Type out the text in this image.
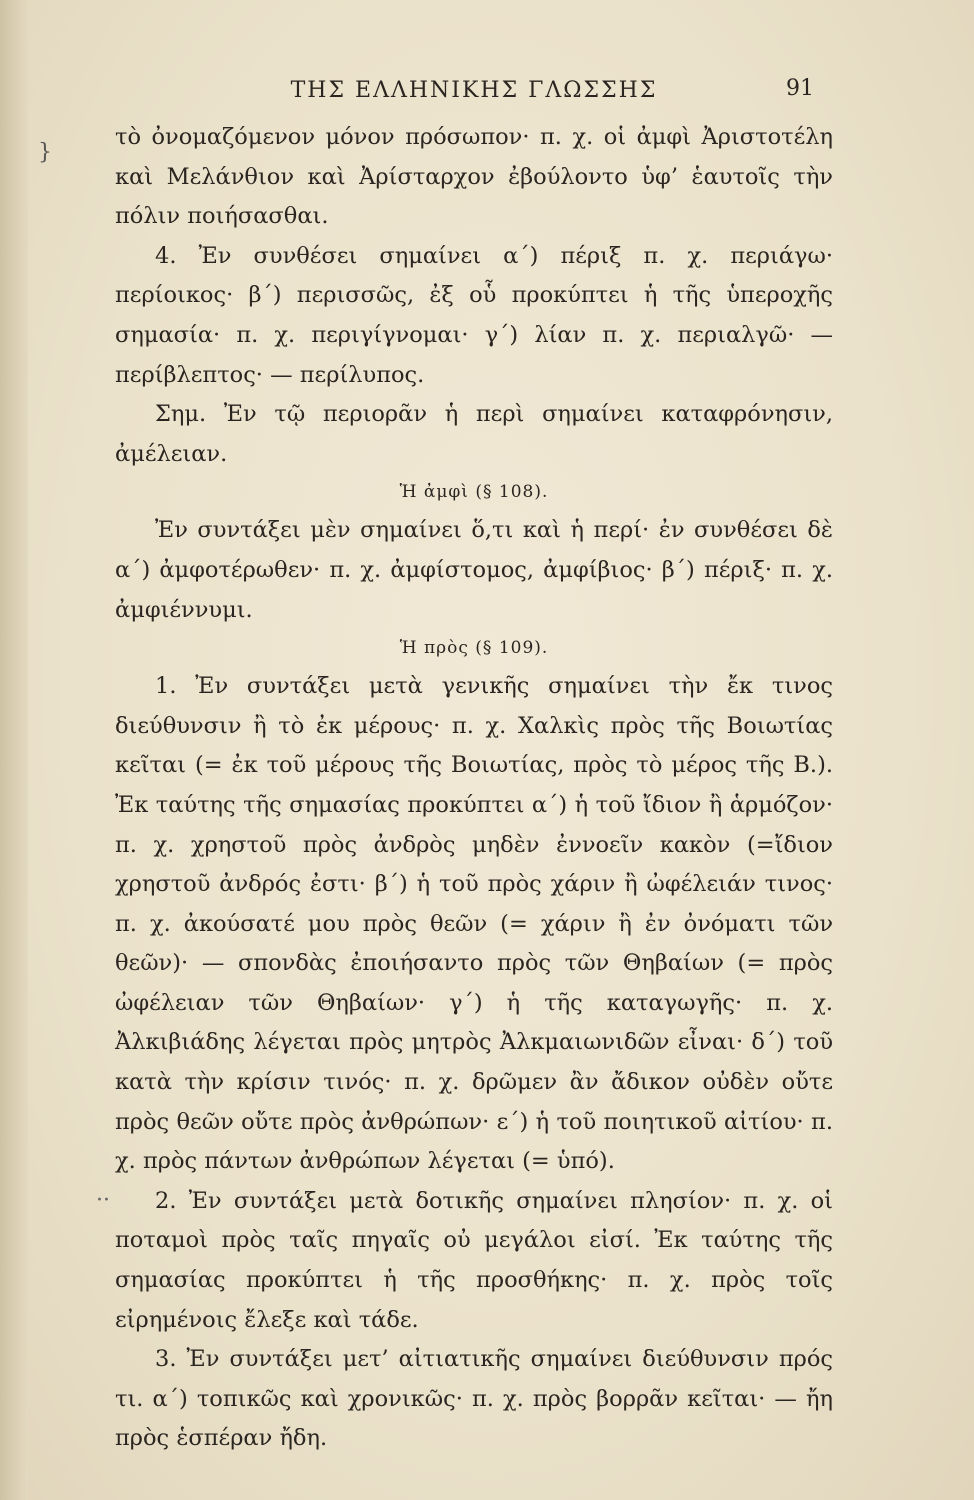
ΤΗΣ ΕΛΛΗΝΙΚΗΣ ΓΛΩΣΣΗΣ	91
}
··

τὸ ὀνομαζόμενον μόνον πρόσωπον· π. χ. οἱ ἀμφὶ Ἀριστοτέλη καὶ Μελάνθιον καὶ Ἀρίσταρχον ἐβούλοντο ὑφ’ ἑαυτοῖς τὴν πόλιν ποιήσασθαι.

4. Ἐν συνθέσει σημαίνει α΄) πέριξ π. χ. περιάγω· περίοικος· β΄) περισσῶς, ἐξ οὗ προκύπτει ἡ τῆς ὑπεροχῆς σημασία· π. χ. περιγίγνομαι· γ΄) λίαν π. χ. περιαλγῶ· — περίβλεπτος· — περίλυπος.

Σημ. Ἐν τῷ περιορᾶν ἡ περὶ σημαίνει καταφρόνησιν, ἀμέλειαν.

Ἡ ἀμφὶ (§ 108).

Ἐν συντάξει μὲν σημαίνει ὅ,τι καὶ ἡ περί· ἐν συνθέσει δὲ α΄) ἀμφοτέρωθεν· π. χ. ἀμφίστομος, ἀμφίβιος· β΄) πέριξ· π. χ. ἀμφιέννυμι.

Ἡ πρὸς (§ 109).

1. Ἐν συντάξει μετὰ γενικῆς σημαίνει τὴν ἔκ τινος διεύθυνσιν ἢ τὸ ἐκ μέρους· π. χ. Χαλκὶς πρὸς τῆς Βοιωτίας κεῖται (= ἐκ τοῦ μέρους τῆς Βοιωτίας, πρὸς τὸ μέρος τῆς Β.). Ἐκ ταύτης τῆς σημασίας προκύπτει α΄) ἡ τοῦ ἴδιον ἢ ἁρμόζον· π. χ. χρηστοῦ πρὸς ἀνδρὸς μηδὲν ἐννοεῖν κακὸν (=ἴδιον χρηστοῦ ἀνδρός ἐστι· β΄) ἡ τοῦ πρὸς χάριν ἢ ὠφέλειάν τινος· π. χ. ἀκούσατέ μου πρὸς θεῶν (= χάριν ἢ ἐν ὀνόματι τῶν θεῶν)· — σπονδὰς ἐποιήσαντο πρὸς τῶν Θηβαίων (= πρὸς ὠφέλειαν τῶν Θηβαίων· γ΄) ἡ τῆς καταγωγῆς· π. χ. Ἀλκιβιάδης λέγεται πρὸς μητρὸς Ἀλκμαιωνιδῶν εἶναι· δ΄) τοῦ κατὰ τὴν κρίσιν τινός· π. χ. δρῶμεν ἂν ἄδικον οὐδὲν οὔτε πρὸς θεῶν οὔτε πρὸς ἀνθρώπων· ε΄) ἡ τοῦ ποιητικοῦ αἰτίου· π. χ. πρὸς πάντων ἀνθρώπων λέγεται (= ὑπό).

2. Ἐν συντάξει μετὰ δοτικῆς σημαίνει πλησίον· π. χ. οἱ ποταμοὶ πρὸς ταῖς πηγαῖς οὐ μεγάλοι εἰσί. Ἐκ ταύτης τῆς σημασίας προκύπτει ἡ τῆς προσθήκης· π. χ. πρὸς τοῖς εἰρημένοις ἔλεξε καὶ τάδε.

3. Ἐν συντάξει μετ’ αἰτιατικῆς σημαίνει διεύθυνσιν πρός τι. α΄) τοπικῶς καὶ χρονικῶς· π. χ. πρὸς βορρᾶν κεῖται· — ἤη πρὸς ἑσπέραν ἤδη.
